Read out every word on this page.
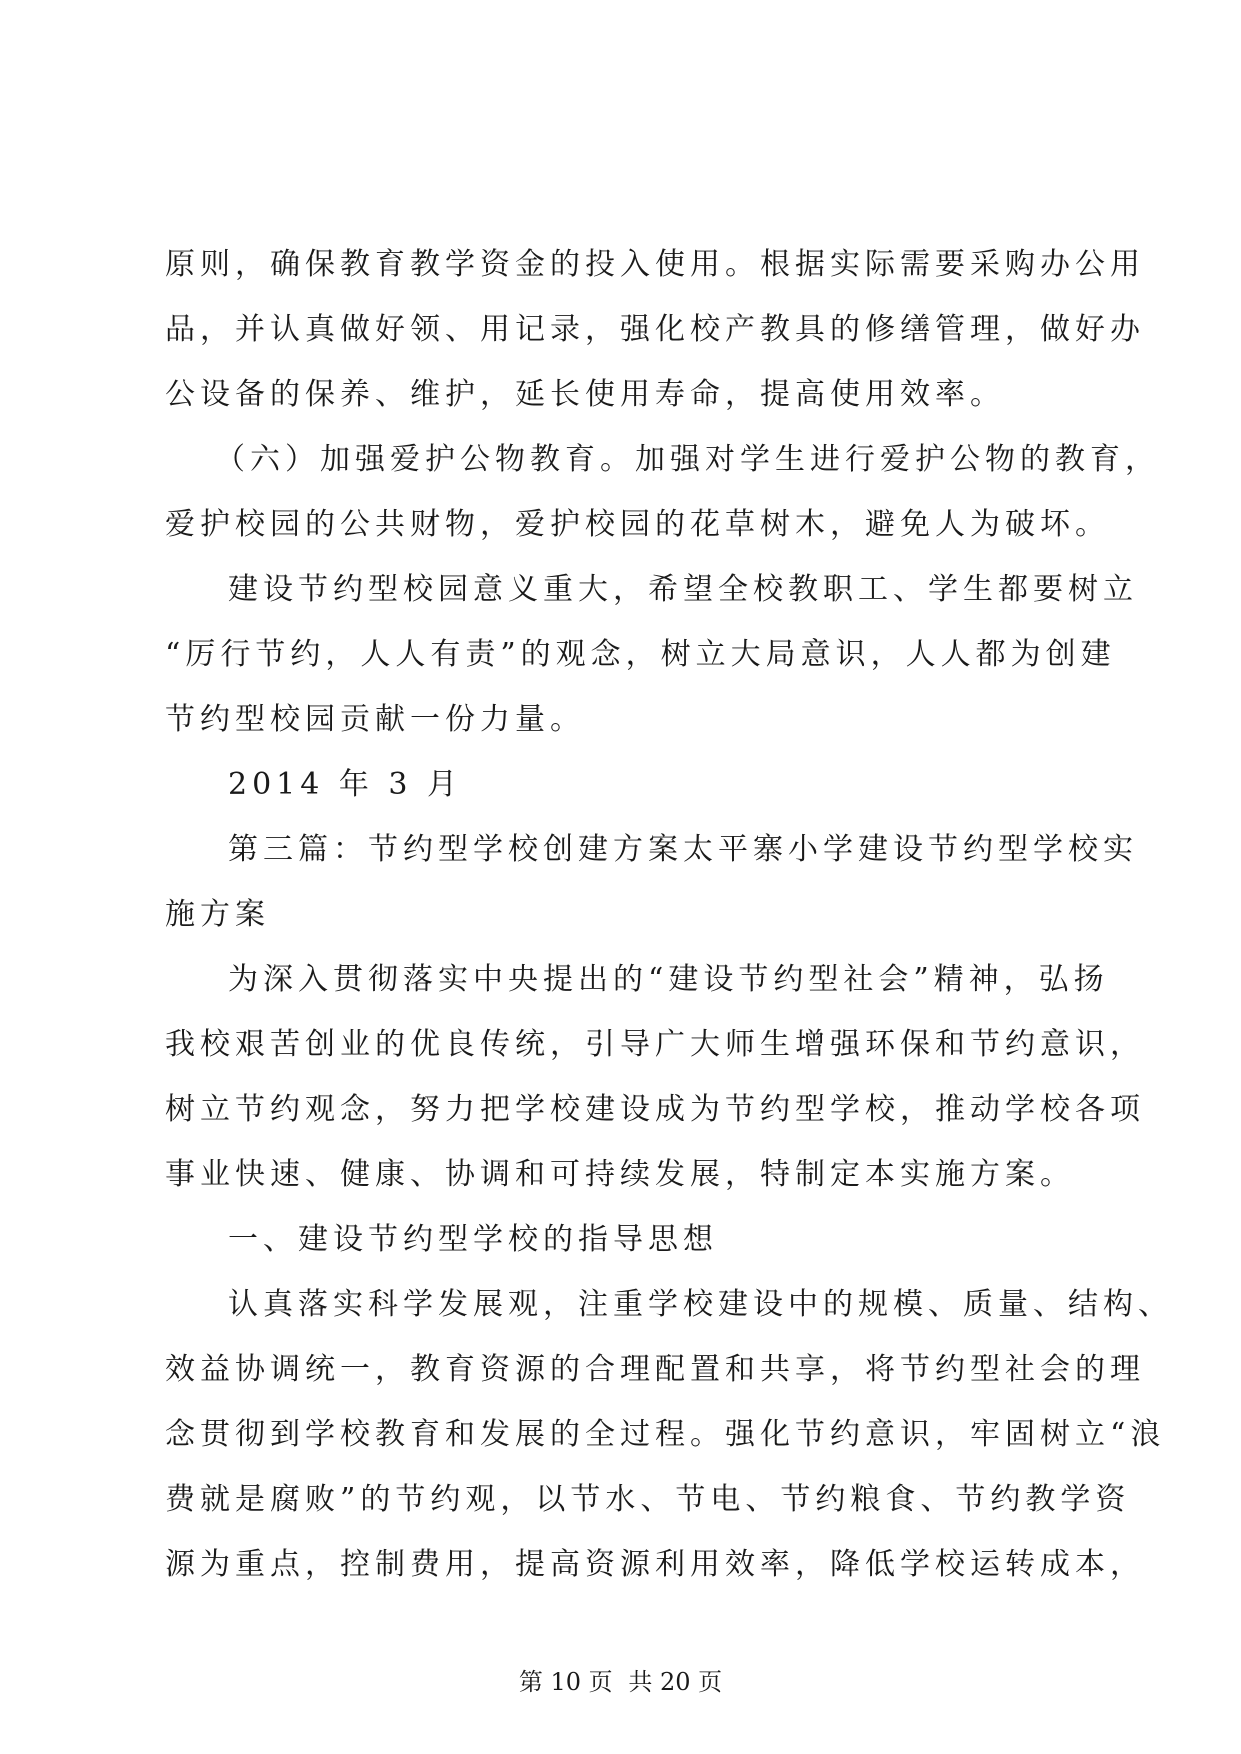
原则，确保教育教学资金的投入使用。根据实际需要采购办公用
品，并认真做好领、用记录，强化校产教具的修缮管理，做好办
公设备的保养、维护，延长使用寿命，提高使用效率。
（六）加强爱护公物教育。加强对学生进行爱护公物的教育，
爱护校园的公共财物，爱护校园的花草树木，避免人为破坏。
建设节约型校园意义重大，希望全校教职工、学生都要树立
“厉行节约，人人有责”的观念，树立大局意识，人人都为创建
节约型校园贡献一份力量。
2014 年 3 月
第三篇：节约型学校创建方案太平寨小学建设节约型学校实
施方案
为深入贯彻落实中央提出的“建设节约型社会”精神，弘扬
我校艰苦创业的优良传统，引导广大师生增强环保和节约意识，
树立节约观念，努力把学校建设成为节约型学校，推动学校各项
事业快速、健康、协调和可持续发展，特制定本实施方案。
一、建设节约型学校的指导思想
认真落实科学发展观，注重学校建设中的规模、质量、结构、
效益协调统一，教育资源的合理配置和共享，将节约型社会的理
念贯彻到学校教育和发展的全过程。强化节约意识，牢固树立“浪
费就是腐败”的节约观，以节水、节电、节约粮食、节约教学资
源为重点，控制费用，提高资源利用效率，降低学校运转成本，
第 10 页 共 20 页
